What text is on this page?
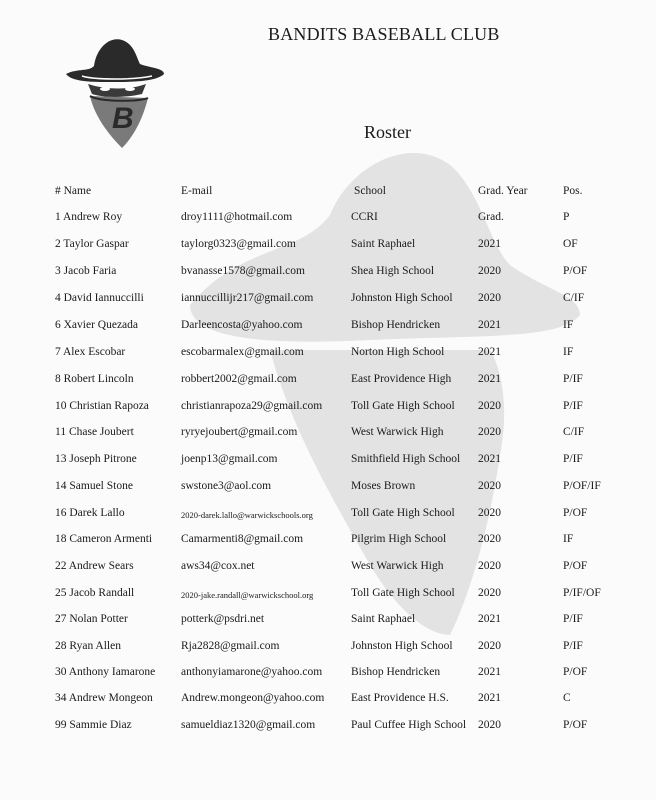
B
BANDITS BASEBALL CLUB
Roster
# Name	E-mail	School	Grad. Year	Pos.
1 Andrew Roy	droy1111@hotmail.com	CCRI	Grad.	P
2 Taylor Gaspar	taylorg0323@gmail.com	Saint Raphael	2021	OF
3 Jacob Faria	bvanasse1578@gmail.com	Shea High School	2020	P/OF
4 David Iannuccilli	iannuccillijr217@gmail.com	Johnston High School 2020	C/IF
6 Xavier Quezada	Darleencosta@yahoo.com	Bishop Hendricken	2021	IF
7 Alex Escobar	escobarmalex@gmail.com	Norton High School	2021	IF
8 Robert Lincoln	robbert2002@gmail.com	East Providence High 2021	P/IF
10 Christian Rapoza	christianrapoza29@gmail.com	Toll Gate High School 2020	P/IF
11 Chase Joubert	ryryejoubert@gmail.com	West Warwick High	2020	C/IF
13 Joseph Pitrone	joenp13@gmail.com	Smithfield High School 2021	P/IF
14 Samuel Stone	swstone3@aol.com	Moses Brown	2020	P/OF/IF
16 Darek Lallo	2020-darek.lallo@warwickschools.org	Toll Gate High School 2020	P/OF
18 Cameron Armenti	Camarmenti8@gmail.com	Pilgrim High School	2020	IF
22 Andrew Sears	aws34@cox.net	West Warwick High	2020	P/OF
25 Jacob Randall	2020-jake.randall@warwickschool.org	Toll Gate High School 2020	P/IF/OF
27 Nolan Potter	potterk@psdri.net	Saint Raphael	2021	P/IF
28 Ryan Allen	Rja2828@gmail.com	Johnston High School 2020	P/IF
30 Anthony Iamarone anthonyiamarone@yahoo.com	Bishop Hendricken	2021	P/OF
34 Andrew Mongeon Andrew.mongeon@yahoo.com East Providence H.S.	2021	C
99 Sammie Diaz	samueldiaz1320@gmail.com	Paul Cuffee High School 2020	P/OF
